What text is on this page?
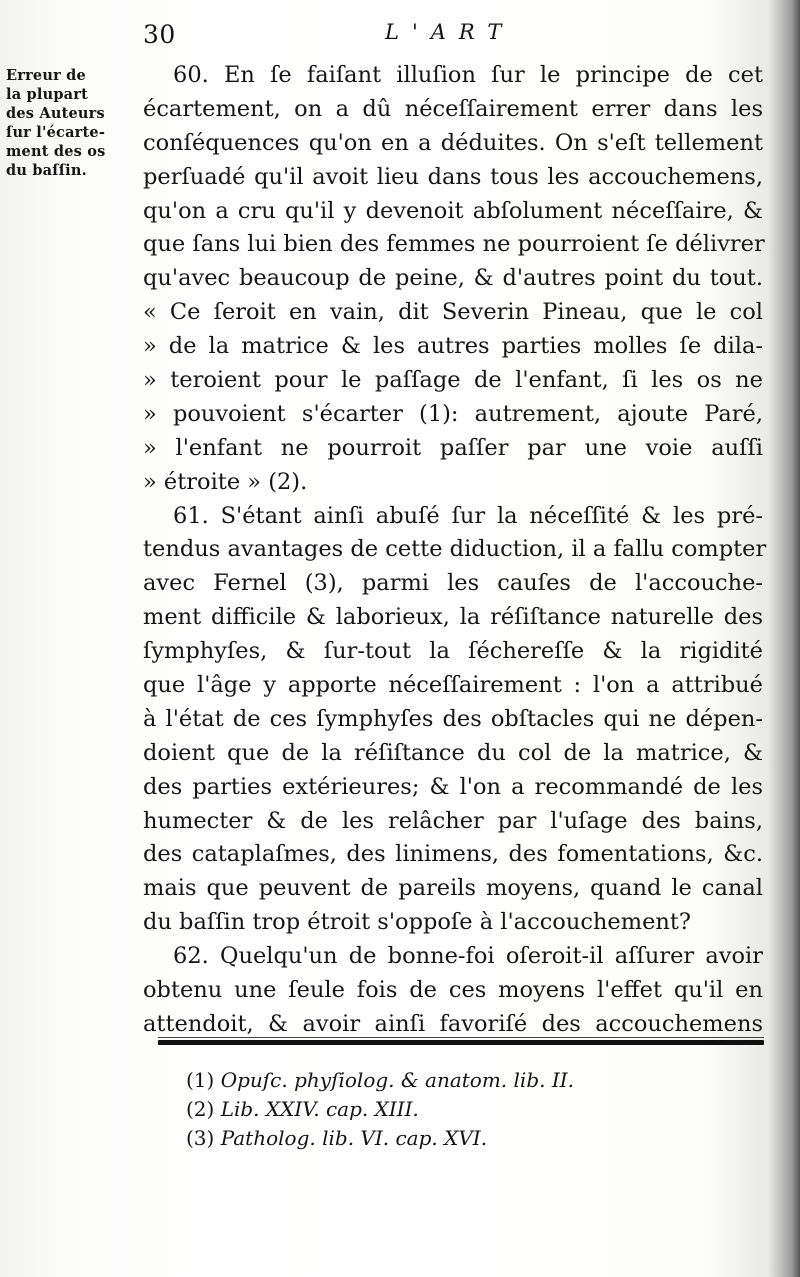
30	L'ART
Erreur de
la plupart
des Auteurs
ſur l'écarte-
ment des os
du baſſin.
60. En ſe faiſant illuſion ſur le principe de cet
écartement, on a dû néceſſairement errer dans les
conſéquences qu'on en a déduites. On s'eſt tellement
perſuadé qu'il avoit lieu dans tous les accouchemens,
qu'on a cru qu'il y devenoit abſolument néceſſaire, &
que ſans lui bien des femmes ne pourroient ſe délivrer
qu'avec beaucoup de peine, & d'autres point du tout.
« Ce ſeroit en vain, dit Severin Pineau, que le col
» de la matrice & les autres parties molles ſe dila-
» teroient pour le paſſage de l'enfant, ſi les os ne
» pouvoient s'écarter (1): autrement, ajoute Paré,
» l'enfant ne pourroit paſſer par une voie auſſi
» étroite » (2).
61. S'étant ainſi abuſé ſur la néceſſité & les pré-
tendus avantages de cette diduction, il a fallu compter
avec Fernel (3), parmi les cauſes de l'accouche-
ment difficile & laborieux, la réſiſtance naturelle des
ſymphyſes, & ſur-tout la ſéchereſſe & la rigidité
que l'âge y apporte néceſſairement : l'on a attribué
à l'état de ces ſymphyſes des obſtacles qui ne dépen-
doient que de la réſiſtance du col de la matrice, &
des parties extérieures; & l'on a recommandé de les
humecter & de les relâcher par l'uſage des bains,
des cataplaſmes, des linimens, des fomentations, &c.
mais que peuvent de pareils moyens, quand le canal
du baſſin trop étroit s'oppoſe à l'accouchement?
62. Quelqu'un de bonne-foi oſeroit-il aſſurer avoir
obtenu une ſeule fois de ces moyens l'effet qu'il en
attendoit, & avoir ainſi favoriſé des accouchemens
(1) Opuſc. phyſiolog. & anatom. lib. II.
(2) Lib. XXIV. cap. XIII.
(3) Patholog. lib. VI. cap. XVI.
